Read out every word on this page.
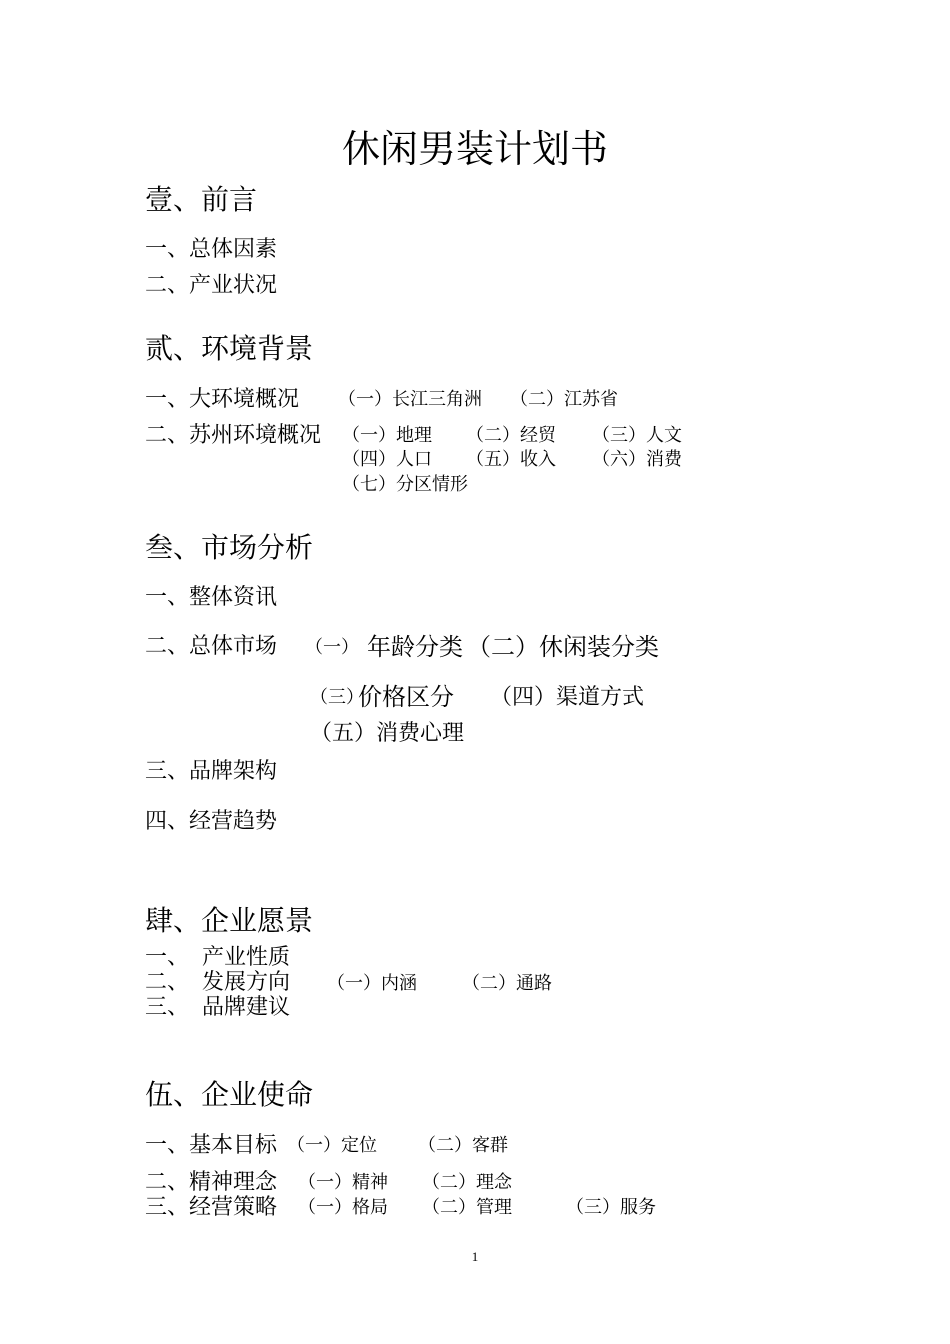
休闲男装计划书
壹、前言
一、总体因素
二、产业状况
贰、环境背景
一、大环境概况 （一）长江三角洲 （二）江苏省
二、苏州环境概况 （一）地理 （二）经贸 （三）人文
（四）人口 （五）收入 （六）消费
（七）分区情形
叁、市场分析
一、整体资讯
二、总体市场 （一） 年龄分类 （二）休闲装分类
（三）
价格区分 （四）渠道方式
（五）消费心理
三、品牌架构
四、经营趋势
肆、企业愿景
一、 产业性质
二、 发展方向 （一）内涵	（二）通路
三、 品牌建议
伍、企业使命
一、基本目标 （一）定位 （二）客群
二、精神理念 （一）精神 （二）理念
三、经营策略 （一）格局 （二）管理	（三）服务
1
